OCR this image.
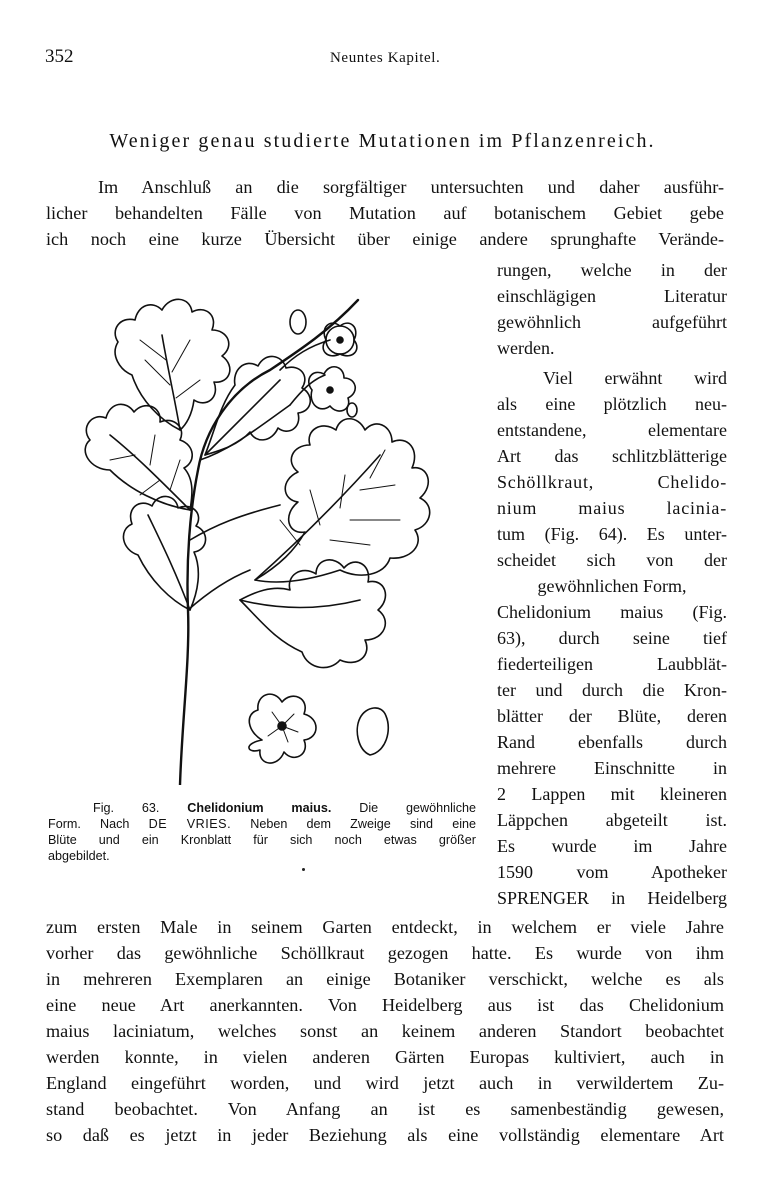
352	Neuntes Kapitel.
Weniger genau studierte Mutationen im Pflanzenreich.
Im Anschluß an die sorgfältiger untersuchten und daher ausführ-
licher behandelten Fälle von Mutation auf botanischem Gebiet gebe
ich noch eine kurze Übersicht über einige andere sprunghafte Verände-
rungen, welche in der
einschlägigen Literatur
gewöhnlich aufgeführt
werden.
Viel erwähnt wird
als eine plötzlich neu-
entstandene, elementare
Art das schlitzblätterige
Schöllkraut, Chelido-
nium maius lacinia-
tum (Fig. 64). Es unter-
scheidet sich von der
gewöhnlichen Form,
Chelidonium maius (Fig.
63), durch seine tief
fiederteiligen Laubblät-
ter und durch die Kron-
blätter der Blüte, deren
Rand ebenfalls durch
mehrere Einschnitte in
2 Lappen mit kleineren
Läppchen abgeteilt ist.
Es wurde im Jahre
1590 vom Apotheker
SPRENGER in Heidelberg
Fig. 63. Chelidonium maius. Die gewöhnliche
Form. Nach DE VRIES. Neben dem Zweige sind eine
Blüte und ein Kronblatt für sich noch etwas größer
abgebildet.
zum ersten Male in seinem Garten entdeckt, in welchem er viele Jahre
vorher das gewöhnliche Schöllkraut gezogen hatte. Es wurde von ihm
in mehreren Exemplaren an einige Botaniker verschickt, welche es als
eine neue Art anerkannten. Von Heidelberg aus ist das Chelidonium
maius laciniatum, welches sonst an keinem anderen Standort beobachtet
werden konnte, in vielen anderen Gärten Europas kultiviert, auch in
England eingeführt worden, und wird jetzt auch in verwildertem Zu-
stand beobachtet. Von Anfang an ist es samenbeständig gewesen,
so daß es jetzt in jeder Beziehung als eine vollständig elementare Art
